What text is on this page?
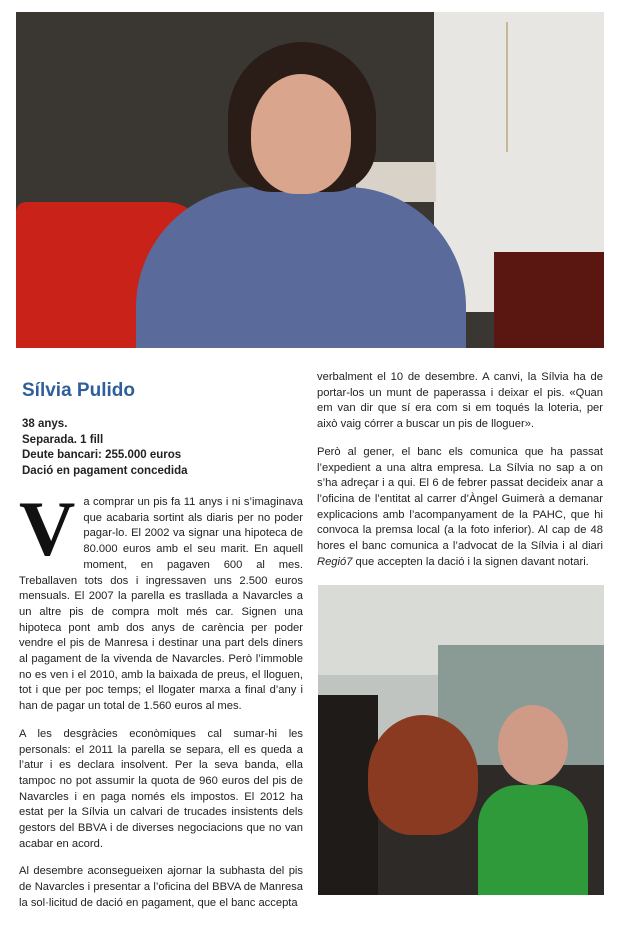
Sílvia Pulido
38 anys.
Separada. 1 fill
Deute bancari: 255.000 euros
Dació en pagament concedida

Va comprar un pis fa 11 anys i ni s’imaginava que acabaria sortint als diaris per no poder pagar-lo. El 2002 va signar una hipoteca de 80.000 euros amb el seu marit. En aquell moment, en pagaven 600 al mes. Treballaven tots dos i ingressaven uns 2.500 euros mensuals. El 2007 la parella es trasllada a Navarcles a un altre pis de compra molt més car. Signen una hipoteca pont amb dos anys de carència per poder vendre el pis de Manresa i destinar una part dels diners al pagament de la vivenda de Navarcles. Però l’immoble no es ven i el 2010, amb la baixada de preus, el lloguen, tot i que per poc temps; el llogater marxa a final d’any i han de pagar un total de 1.560 euros al mes.

A les desgràcies econòmiques cal sumar-hi les personals: el 2011 la parella se separa, ell es queda a l’atur i es declara insolvent. Per la seva banda, ella tampoc no pot assumir la quota de 960 euros del pis de Navarcles i en paga només els impostos. El 2012 ha estat per la Sílvia un calvari de trucades insistents dels gestors del BBVA i de diverses negociacions que no van acabar en acord.

Al desembre aconsegueixen ajornar la subhasta del pis de Navarcles i presentar a l’oficina del BBVA de Manresa la sol·licitud de dació en pagament, que el banc accepta

verbalment el 10 de desembre. A canvi, la Sílvia ha de portar-los un munt de paperassa i deixar el pis. «Quan em van dir que sí era com si em toqués la loteria, per això vaig córrer a buscar un pis de lloguer».

Però al gener, el banc els comunica que ha passat l’expedient a una altra empresa. La Sílvia no sap a on s’ha adreçar i a qui. El 6 de febrer passat decideix anar a l’oficina de l’entitat al carrer d’Àngel Guimerà a demanar explicacions amb l’acompanyament de la PAHC, que hi convoca la premsa local (a la foto inferior). Al cap de 48 hores el banc comunica a l’advocat de la Sílvia i al diari Regió7 que accepten la dació i la signen davant notari.
